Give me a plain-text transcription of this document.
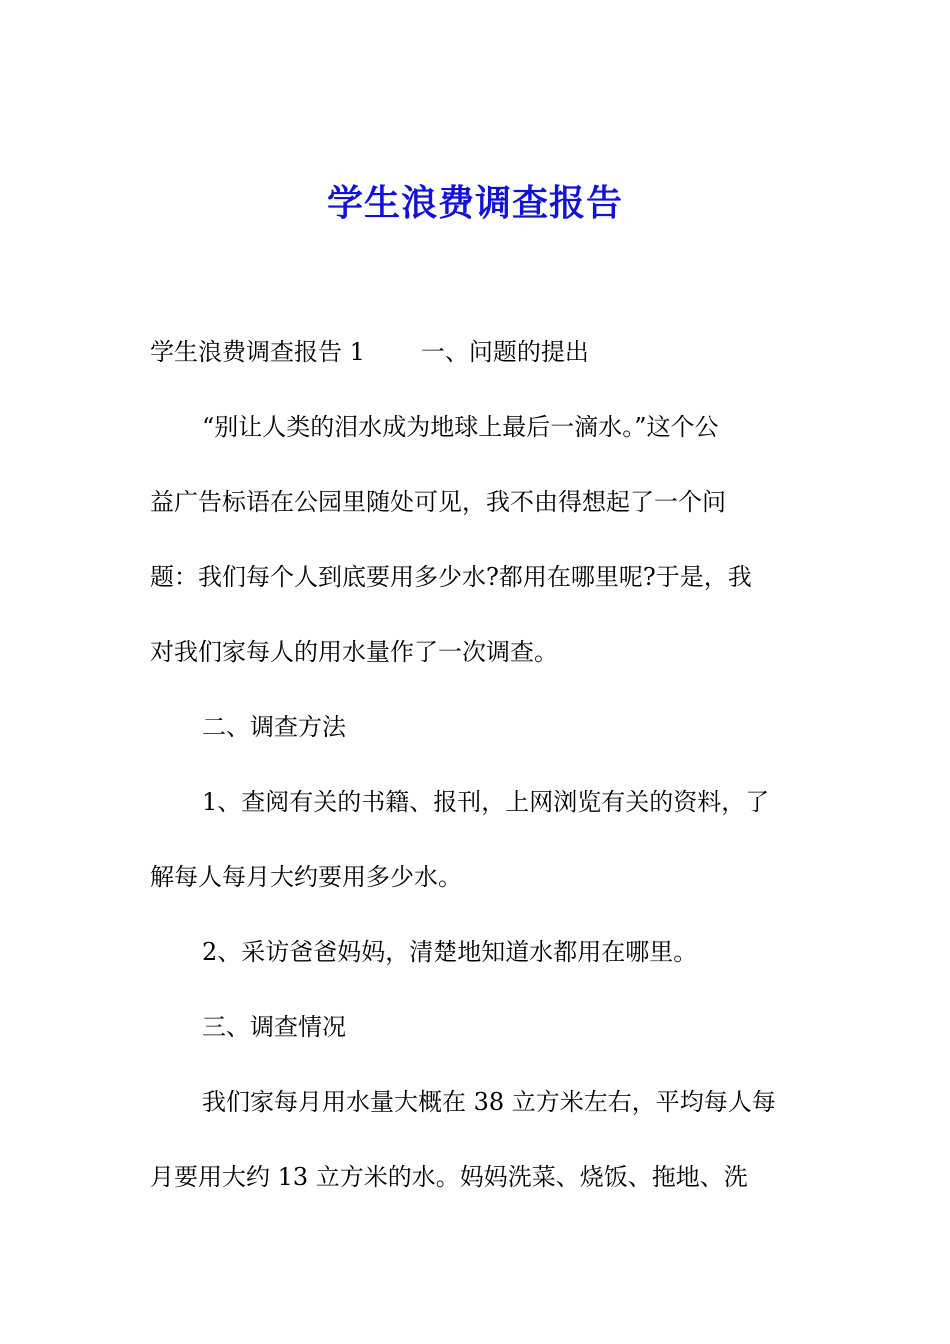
学生浪费调查报告
学生浪费调查报告 1 一、问题的提出
“别让人类的泪水成为地球上最后一滴水。”这个公
益广告标语在公园里随处可见，我不由得想起了一个问
题：我们每个人到底要用多少水?都用在哪里呢?于是，我
对我们家每人的用水量作了一次调查。
二、调查方法
1、查阅有关的书籍、报刊，上网浏览有关的资料，了
解每人每月大约要用多少水。
2、采访爸爸妈妈，清楚地知道水都用在哪里。
三、调查情况
我们家每月用水量大概在 38 立方米左右，平均每人每
月要用大约 13 立方米的水。妈妈洗菜、烧饭、拖地、洗
